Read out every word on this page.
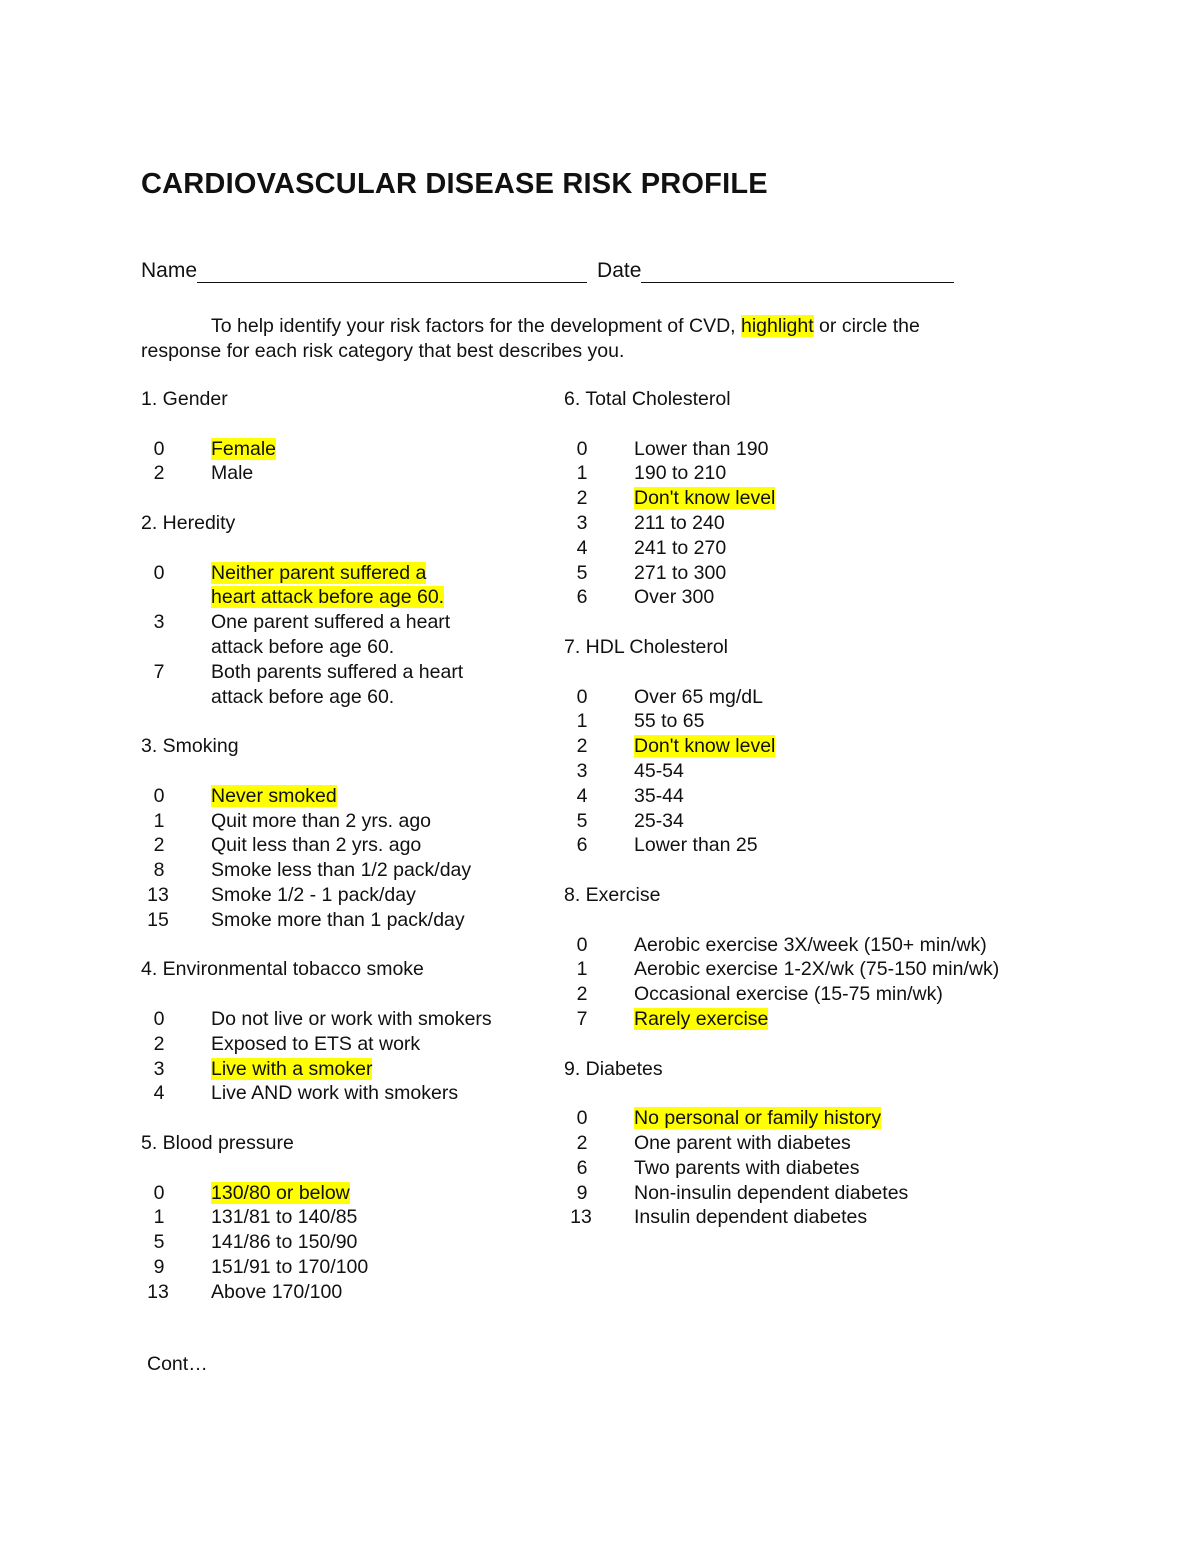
CARDIOVASCULAR DISEASE RISK PROFILE
Name	Date
To help identify your risk factors for the development of CVD, highlight or circle the
response for each risk category that best describes you.
1. Gender
0	Female
2	Male
2. Heredity
0	Neither parent suffered a
heart attack before age 60.
3	One parent suffered a heart
attack before age 60.
7	Both parents suffered a heart
attack before age 60.
3. Smoking
0	Never smoked
1	Quit more than 2 yrs. ago
2	Quit less than 2 yrs. ago
8	Smoke less than 1/2 pack/day
13	Smoke 1/2 - 1 pack/day
15	Smoke more than 1 pack/day
4. Environmental tobacco smoke
0	Do not live or work with smokers
2	Exposed to ETS at work
3	Live with a smoker
4	Live AND work with smokers
5. Blood pressure
0	130/80 or below
1	131/81 to 140/85
5	141/86 to 150/90
9	151/91 to 170/100
13	Above 170/100
6. Total Cholesterol
0	Lower than 190
1	190 to 210
2	Don't know level
3	211 to 240
4	241 to 270
5	271 to 300
6	Over 300
7. HDL Cholesterol
0	Over 65 mg/dL
1	55 to 65
2	Don't know level
3	45-54
4	35-44
5	25-34
6	Lower than 25
8. Exercise
0	Aerobic exercise 3X/week (150+ min/wk)
1	Aerobic exercise 1-2X/wk (75-150 min/wk)
2	Occasional exercise (15-75 min/wk)
7	Rarely exercise
9. Diabetes
0	No personal or family history
2	One parent with diabetes
6	Two parents with diabetes
9	Non-insulin dependent diabetes
13	Insulin dependent diabetes
Cont…
